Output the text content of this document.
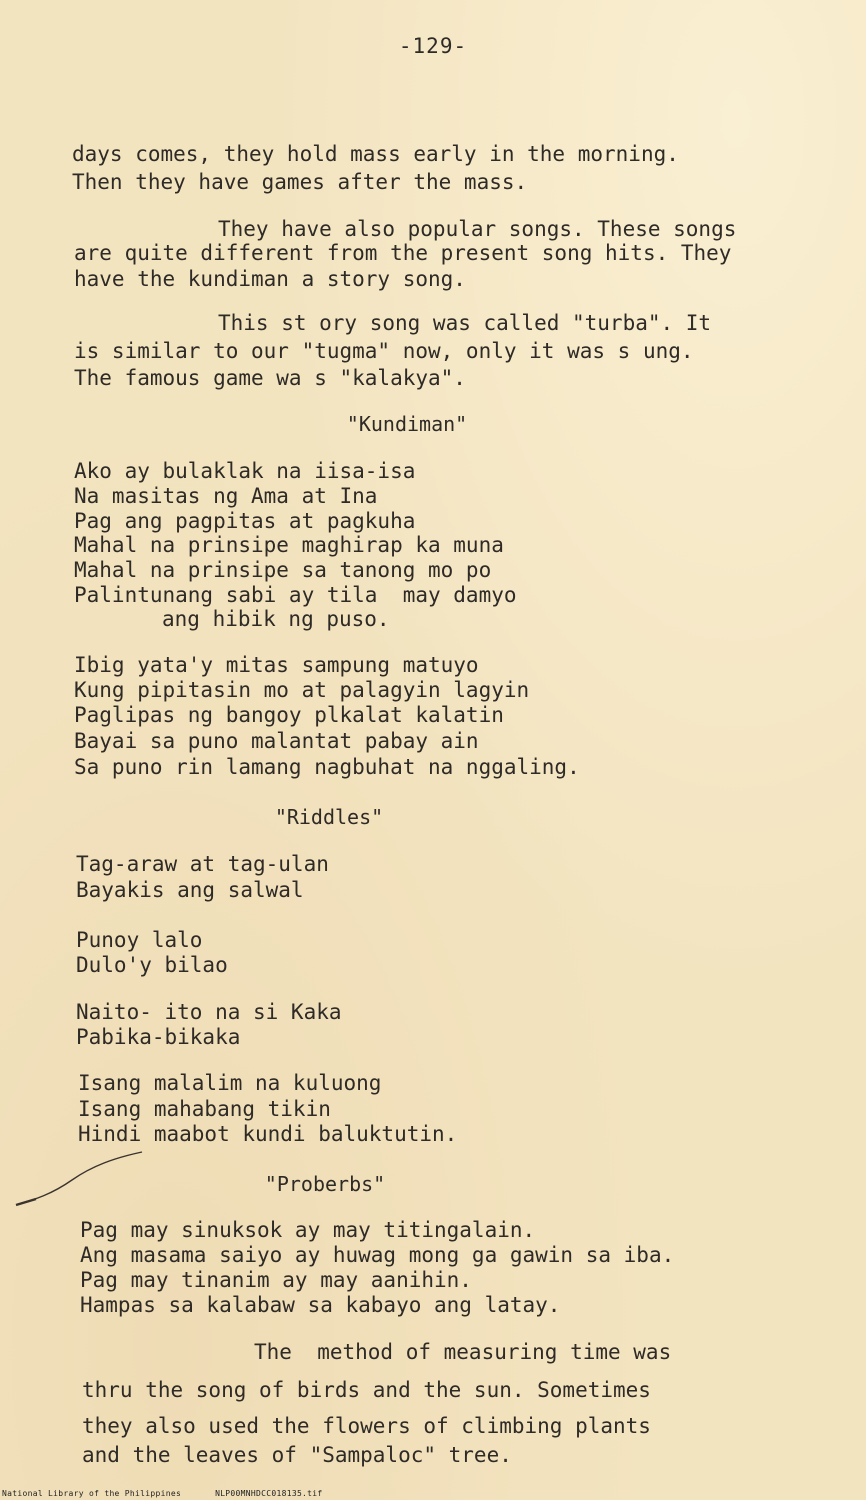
-129-
days comes, they hold mass early in the morning.
Then they have games after the mass.
They have also popular songs. These songs
are quite different from the present song hits. They
have the kundiman a story song.
This st ory song was called "turba". It
is similar to our "tugma" now, only it was s ung.
The famous game wa s "kalakya".
"Kundiman"
Ako ay bulaklak na iisa-isa
Na masitas ng Ama at Ina
Pag ang pagpitas at pagkuha
Mahal na prinsipe maghirap ka muna
Mahal na prinsipe sa tanong mo po
Palintunang sabi ay tila  may damyo
ang hibik ng puso.
Ibig yata'y mitas sampung matuyo
Kung pipitasin mo at palagyin lagyin
Paglipas ng bangoy plkalat kalatin
Bayai sa puno malantat pabay ain
Sa puno rin lamang nagbuhat na nggaling.
"Riddles"
Tag-araw at tag-ulan
Bayakis ang salwal
Punoy lalo
Dulo'y bilao
Naito- ito na si Kaka
Pabika-bikaka
Isang malalim na kuluong
Isang mahabang tikin
Hindi maabot kundi baluktutin.
"Proberbs"
Pag may sinuksok ay may titingalain.
Ang masama saiyo ay huwag mong ga gawin sa iba.
Pag may tinanim ay may aanihin.
Hampas sa kalabaw sa kabayo ang latay.
The  method of measuring time was
thru the song of birds and the sun. Sometimes
they also used the flowers of climbing plants
and the leaves of "Sampaloc" tree.
National Library of the Philippines	NLP00MNHDCC018135.tif
